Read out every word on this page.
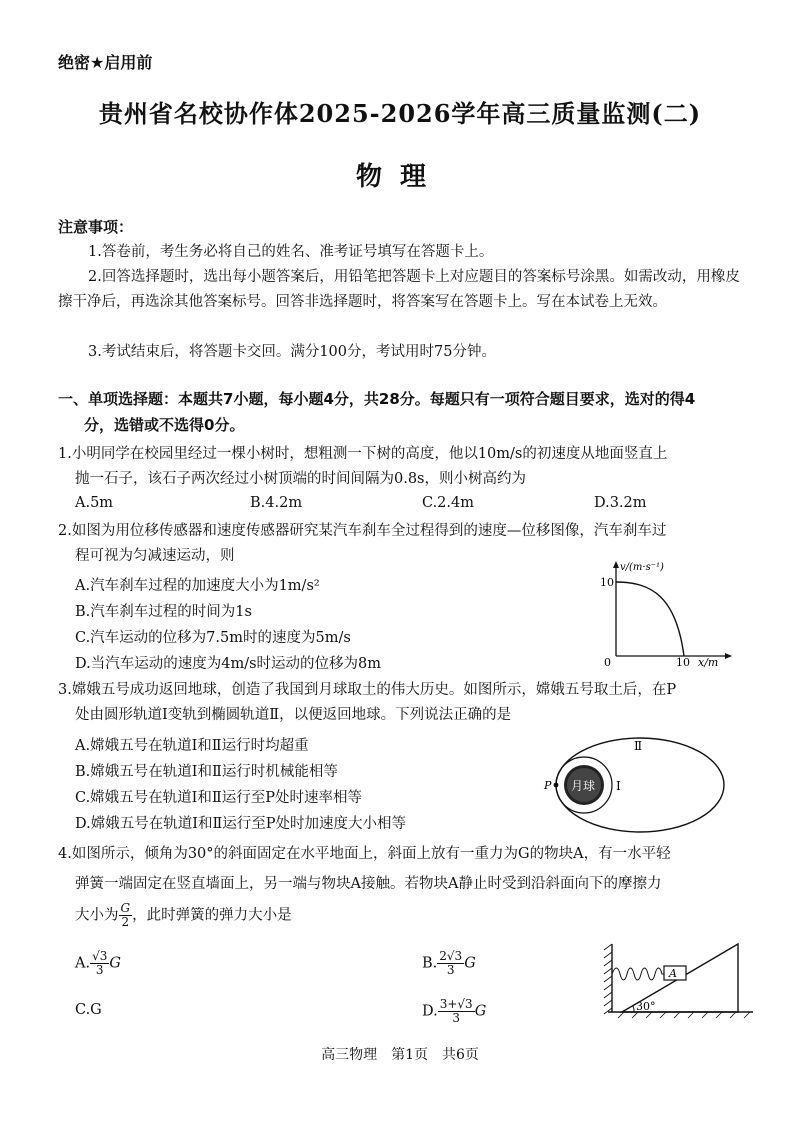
绝密★启用前
贵州省名校协作体2025-2026学年高三质量监测(二)
物理
注意事项：
1.答卷前，考生务必将自己的姓名、准考证号填写在答题卡上。
2.回答选择题时，选出每小题答案后，用铅笔把答题卡上对应题目的答案标号涂黑。如需改动，用橡皮擦干净后，再选涂其他答案标号。回答非选择题时，将答案写在答题卡上。写在本试卷上无效。
3.考试结束后，将答题卡交回。满分100分，考试用时75分钟。
一、单项选择题：本题共7小题，每小题4分，共28分。每题只有一项符合题目要求，选对的得4
分，选错或不选得0分。
1.小明同学在校园里经过一棵小树时，想粗测一下树的高度，他以10m/s的初速度从地面竖直上
抛一石子，该石子两次经过小树顶端的时间间隔为0.8s，则小树高约为
A.5m	B.4.2m	C.2.4m	D.3.2m
2.如图为用位移传感器和速度传感器研究某汽车刹车全过程得到的速度—位移图像，汽车刹车过
程可视为匀减速运动，则
A.汽车刹车过程的加速度大小为1m/s²
B.汽车刹车过程的时间为1s
C.汽车运动的位移为7.5m时的速度为5m/s
D.当汽车运动的速度为4m/s时运动的位移为8m
v/(m·s⁻¹)
10
0	10 x/m
3.嫦娥五号成功返回地球，创造了我国到月球取土的伟大历史。如图所示，嫦娥五号取土后，在P
处由圆形轨道Ⅰ变轨到椭圆轨道Ⅱ，以便返回地球。下列说法正确的是
A.嫦娥五号在轨道Ⅰ和Ⅱ运行时均超重
B.嫦娥五号在轨道Ⅰ和Ⅱ运行时机械能相等
C.嫦娥五号在轨道Ⅰ和Ⅱ运行至P处时速率相等
D.嫦娥五号在轨道Ⅰ和Ⅱ运行至P处时加速度大小相等
月球
P	Ⅰ
Ⅱ
4.如图所示，倾角为30°的斜面固定在水平地面上，斜面上放有一重力为G的物块A，有一水平轻
弹簧一端固定在竖直墙面上，另一端与物块A接触。若物块A静止时受到沿斜面向下的摩擦力
大小为 $\frac{G}{2}$ ，此时弹簧的弹力大小是
A. $\frac{√3}{3}$ G	B. $\frac{2√3}{3}$ G
C.G	D. $\frac{3+√3}{3}$ G	30°
A
高三物理　第1页　共6页
